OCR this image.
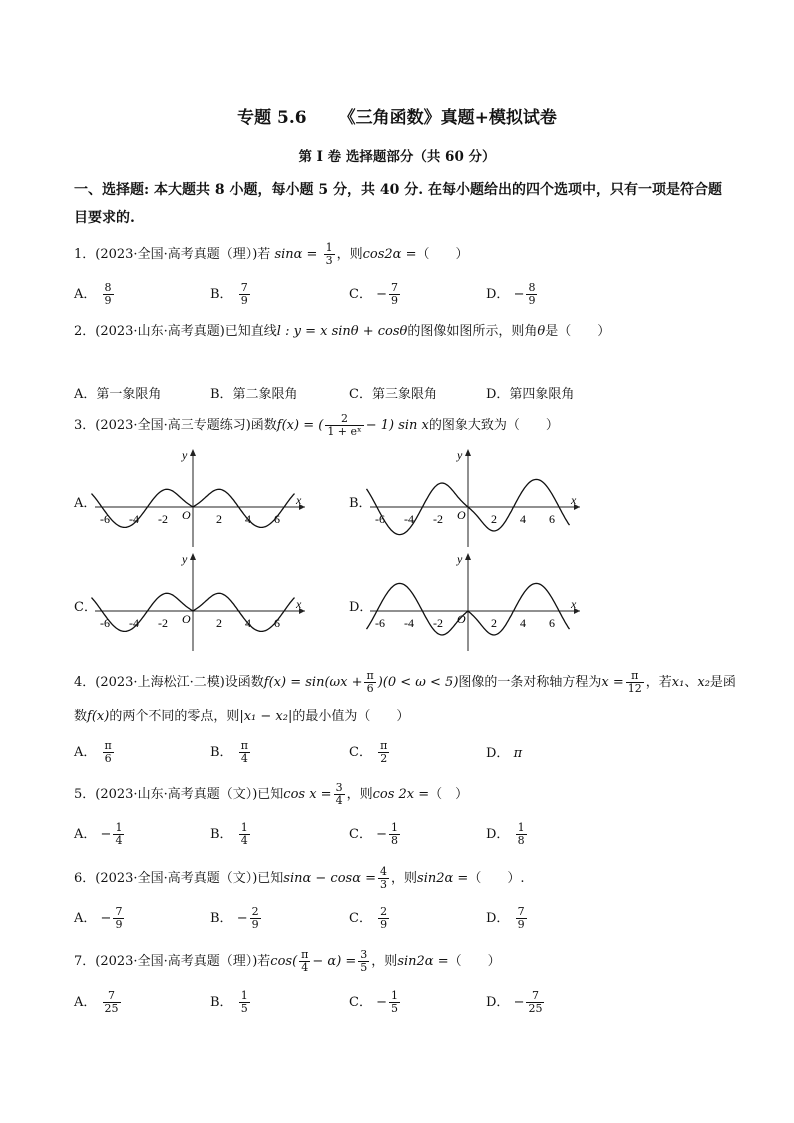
专题 5.6 《三角函数》真题+模拟试卷
第 I 卷 选择题部分（共 60 分）
一、选择题: 本大题共 8 小题，每小题 5 分，共 40 分. 在每小题给出的四个选项中，只有一项是符合题目要求的.
1．(2023·全国·高考真题（理）)若 $\sin\alpha = \frac{1}{3}$ ，则cos2α =（　　）
A． $\frac{8}{9}$	B． $\frac{7}{9}$	C． − $\frac{7}{9}$	D． − $\frac{8}{9}$
2．(2023·山东·高考真题)已知直线l : y = x sinθ + cosθ的图像如图所示，则角θ是（　　）
A．第一象限角	B．第二象限角	C．第三象限角	D．第四象限角
3．(2023·全国·高三专题练习)函数f(x) = ( $\frac{2}{\text{1 + eˣ}} - 1$) sin x的图象大致为（　　）
A．	B．
C．	D．
y
x
O
-6 -4 -2	2 4 6
y
x
O
-6 -4 -2	2 4 6
y
x
O
-6 -4 -2	2 4 6
y
x
O
-6 -4 -2	2 4 6
4．(2023·上海松江·二模)设函数$f(x) = \sin(\omega x + \frac{\pi}{6} )(0 < \omega < 5)$图像的一条对称轴方程为$x = \frac{\pi}{12}$ ，若x₁、x₂是函
数f(x)的两个不同的零点，则|x₁ − x₂|的最小值为（　　）
A． $\frac{\pi}{6}$	B． $\frac{\pi}{4}$	C． $\frac{\pi}{2}$	D． π
5．(2023·山东·高考真题（文）)已知$\cos x = \frac{3}{4}$ ，则cos 2x =（　）
A． − $\frac{1}{4}$	B． $\frac{1}{4}$	C． − $\frac{1}{8}$	D． $\frac{1}{8}$
6．(2023·全国·高考真题（文）)已知$\sin\alpha - \cos\alpha = \frac{4}{3}$ ，则sin2α =（　　）.
A． − $\frac{7}{9}$	B． − $\frac{2}{9}$	C． $\frac{2}{9}$	D． $\frac{7}{9}$
7．(2023·全国·高考真题（理）)若$\cos( \frac{\pi}{4} - \alpha) = \frac{3}{5}$ ，则sin2α =（　　）
A． $\frac{7}{25}$	B． $\frac{1}{5}$	C． − $\frac{1}{5}$	D． − $\frac{7}{25}$
